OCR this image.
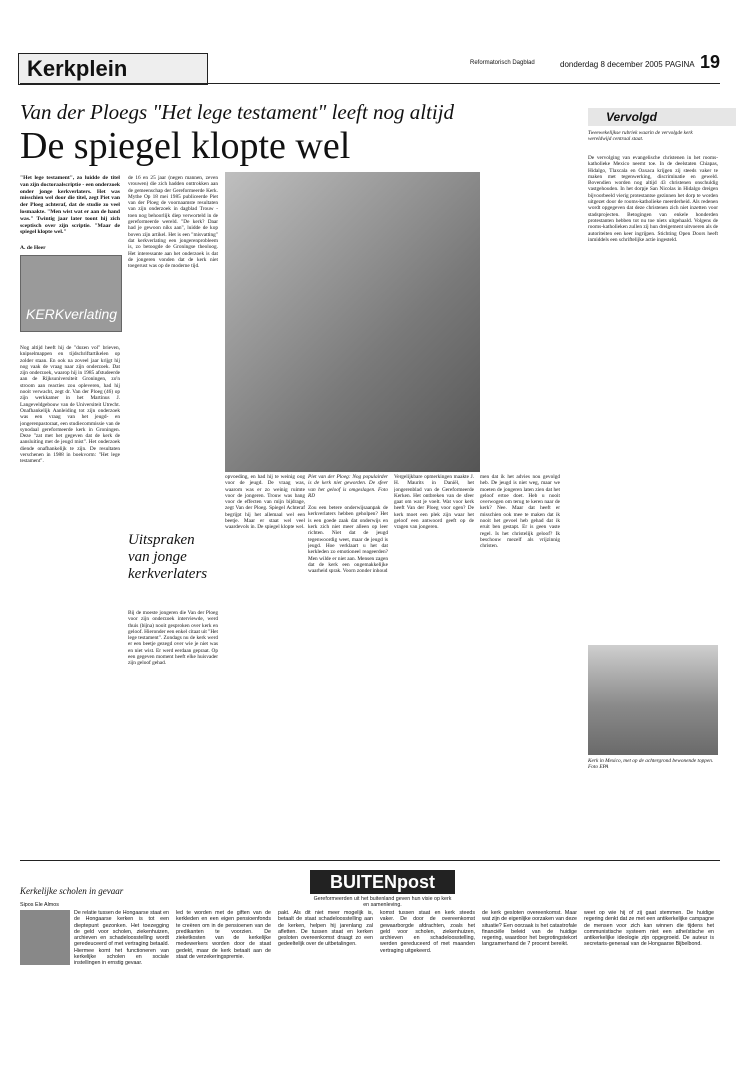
Kerkplein	Reformatorisch Dagblad	donderdag 8 december 2005 PAGINA 19
Van der Ploegs "Het lege testament" leeft nog altijd
De spiegel klopte wel
"Het lege testament", zo luidde de titel van zijn doctoraalscriptie - een onderzoek onder jonge kerkverlaters. Het was misschien wel door die titel, zegt Piet van der Ploeg achteraf, dat de studie zo veel losmaakte. "Men wist wat er aan de hand was." Twintig jaar later toont hij zich sceptisch over zijn scriptie. "Maar de spiegel klopte wel."
A. de Heer
KERKverlating
Nog altijd heeft hij de "dozen vol" brieven, knipselmappen en tijdschriftartikelen op zolder staan. En ook na zoveel jaar krijgt hij nog vaak de vraag naar zijn onderzoek. Dat zijn onderzoek, waarop hij in 1985 afstudeerde aan de Rijksuniversiteit Groningen, zo'n stroom aan reacties zou opleveren, had hij nooit verwacht, zegt dr. Van der Ploeg (46) op zijn werkkamer in het Martinus J. Langeveldgebouw van de Universiteit Utrecht. Onafhankelijk Aanleiding tot zijn onderzoek was een vraag van het jeugd- en jongerenpastoraat, een studiecommissie van de synodaal gereformeerde kerk in Groningen. Deze "zat met het gegeven dat de kerk de aansluiting met de jeugd mist". Het onderzoek diende onafhankelijk te zijn. De resultaten verschenen in 1988 in boekvorm: "Het lege testament".
de 16 en 25 jaar (negen mannen, zeven vrouwen) die zich hadden onttrokken aan de gemeenschap der Gereformeerde Kerk. Mythe Op 18 mei 1985 publiceerde Piet van der Ploeg de voornaamste resultaten van zijn onderzoek in dagblad Trouw - toen nog behoorlijk diep verworteld in de gereformeerde wereld. "De kerk? Daar had je gewoon niks aan", luidde de kop boven zijn artikel. Het is een "misvatting" dat kerkverlating een jongerenprobleem is, zo betoogde de Groningse theoloog. Het interessante aan het onderzoek is dat de jongeren vonden dat de kerk niet toegerust was op de moderne tijd.
Uitspraken van jonge kerkverlaters
Bij de moeste jongeren die Van der Ploeg voor zijn onderzoek interviewde, werd thuis (bijna) nooit gesproken over kerk en geloof. Hieronder een enkel citaat uit "Het lege testament". Zondags nu de kerk werd er een beetje gezegd over wie je niet was en niet wist. Er werd eerdaan gepraat. Op een gegeven moment heeft elke huisvader zijn geloof gehad.
opvoeding, en had hij te weinig oog voor de jeugd. De vraag was, waarom was er zo weinig ruimte voor de jongeren. Trouw was bang voor de effecten van mijn bijdrage, zegt Van der Ploeg. Spiegel Achteraf begrijpt hij het allemaal wel een beetje. Maar er staat wel veel waardevols in. De spiegel klopte wel.
Piet van der Ploeg: Nog populairder is de kerk niet geworden. De sfeer van het geloof is omgeslagen. Foto RD
Zou een betere onderwijsaanpak de kerkverlaters hebben geholpen? Het is een goede zaak dat onderwijs en kerk zich niet meer alleen op leer richten. Niet dat de jeugd tegenwoordig weet, maar de jeugd is jeugd. Hoe verklaart u het dat kerkleden zo emotioneel reageerden? Men wilde er niet aan. Mensen zagen dat de kerk een ongemakkelijke waarheid sprak. Voorn zonder inhoud
Vergelijkbare opmerkingen maakte J. H. Maurits in Daniël, het jongerenblad van de Gereformeerde Kerken. Het ontbreken van de sfeer gaat om wat je voelt. Wat voor kerk heeft Van der Ploeg voor ogen? De kerk moet een plek zijn waar het geloof een antwoord geeft op de vragen van jongeren.
men dat ik het advies nou gevolgd heb. De jeugd is niet weg, maar we moeten de jongeren laten zien dat het geloof ertoe doet. Heb u nooit overwogen om terug te keren naar de kerk? Nee. Maar dat heeft er misschien ook mee te maken dat ik nooit het gevoel heb gehad dat ik eruit ben gestapt. Er is geen vaste regel. Is het christelijk geloof? Ik beschouw mezelf als vrijzinnig christen.
Vervolgd
Tweewekelijkse rubriek waarin de vervolgde kerk wereldwijd centraal staat.
De vervolging van evangelische christenen in het rooms-katholieke Mexico neemt toe. In de deelstaten Chiapas, Hidalgo, Tlaxcala en Oaxaca krijgen zij steeds vaker te maken met tegenwerking, discriminatie en geweld. Bovendien worden nog altijd 43 christenen onschuldig vastgehouden. In het dorpje San Nicolas in Hidalgo dreigen bijvoorbeeld vierig protestantse gezinnen het dorp te worden uitgezet door de rooms-katholieke meerderheid. Als redenen wordt opgegeven dat deze christenen zich niet inzetten voor stadsprojecten. Betogingen van enkele honderden protestanten hebben tot nu toe niets uitgehaald. Volgens de rooms-katholieken zullen zij hun dreigement uitvoeren als de autoriteiten een keer ingrijpen. Stichting Open Doors heeft inmiddels een schriftelijke actie ingesteld.
Kerk in Mexico, met op de achtergrond bewonende toppen. Foto EPA
BUITENpost
Gereformeerden uit het buitenland geven hun visie op kerk en samenleving.
Kerkelijke scholen in gevaar
Sipos Ele Almos
De relatie tussen de Hongaarse staat en de Hongaarse kerken is tot een dieptepunt gezonken. Het toezegging de geld voor scholen, ziekenhuizen, archieven en schadeloosstelling wordt geredeuceerd of met vertraging betaald. Hiermee komt het functioneren van kerkelijke scholen en sociale instellingen in ernstig gevaar.
led te worden met de giften van de kerkleden en een eigen pensioenfonds te creëren om in de pensioenen van de predikanten te voorzien. De zieketkosten van de kerkelijke medewerkers worden door de staat gedekt, maar de kerk betaalt aan de staat de verzekeringspremie.
pakt. Als dit niet meer mogelijk is, betaalt de staat schadeloosstelling aan de kerken, helpen hij jarenlang zal afletten. De tussen staat en kerken gesloten overeenkomst draagt zo een gedeeltelijk over de uitbetalingen.
komst tussen staat en kerk steeds vaker. De door de overeenkomst gewaarborgde afdrachten, zoals het geld voor scholen, ziekenhuizen, archieven en schadeloosstelling, werden gereduceerd of met maanden vertraging uitgekeerd.
de kerk gesloten overeenkomst. Maar wat zijn de eigenlijke oorzaken van deze situatie? Een oorzaak is het catastrofale financiële beleid van de huidige regering, waardoor het begrotingstekort langzamerhand de 7 procent bereikt.
weet op wie hij of zij gaat stemmen. De huidige regering denkt dat ze met een antikerkelijke campagne de mensen voor zich kan winnen die tijdens het communistische systeem niet een atheïstische en antikerkelijke ideologie zijn opgegroeid. De auteur is secretaris-generaal van de Hongaarse Bijbelbond.
